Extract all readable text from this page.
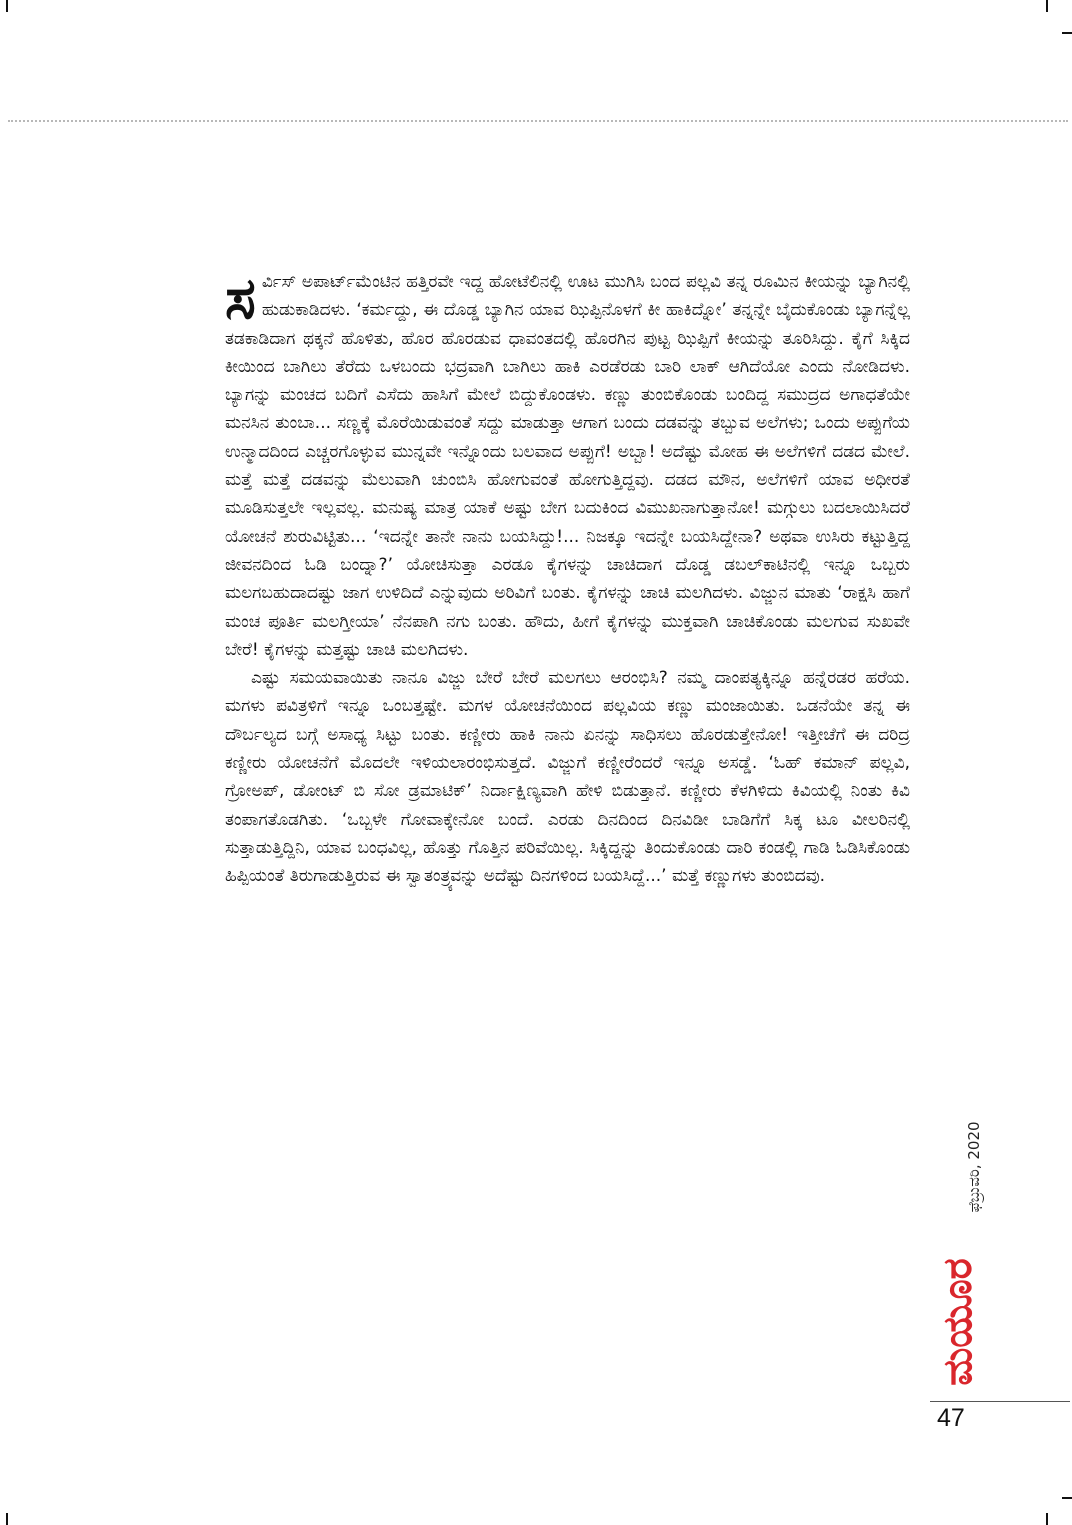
ಸರ್ವಿಸ್ ಅಪಾರ್ಟ್‌ಮೆಂಟಿನ ಹತ್ತಿರವೇ ಇದ್ದ ಹೋಟೆಲಿನಲ್ಲಿ ಊಟ ಮುಗಿಸಿ ಬಂದ ಪಲ್ಲವಿ ತನ್ನ ರೂಮಿನ ಕೀಯನ್ನು ಬ್ಯಾಗಿನಲ್ಲಿ ಹುಡುಕಾಡಿದಳು. ‘ಕರ್ಮದ್ದು, ಈ ದೊಡ್ಡ ಬ್ಯಾಗಿನ ಯಾವ ಝಿಪ್ಪಿನೊಳಗೆ ಕೀ ಹಾಕಿದ್ನೋ’ ತನ್ನನ್ನೇ ಬೈದುಕೊಂಡು ಬ್ಯಾಗನ್ನೆಲ್ಲ ತಡಕಾಡಿದಾಗ ಥಕ್ಕನೆ ಹೊಳಿತು, ಹೊರ ಹೊರಡುವ ಧಾವಂತದಲ್ಲಿ ಹೊರಗಿನ ಪುಟ್ಟ ಝಿಪ್ಪಿಗೆ ಕೀಯನ್ನು ತೂರಿಸಿದ್ದು. ಕೈಗೆ ಸಿಕ್ಕಿದ ಕೀಯಿಂದ ಬಾಗಿಲು ತೆರೆದು ಒಳಬಂದು ಭದ್ರವಾಗಿ ಬಾಗಿಲು ಹಾಕಿ ಎರಡೆರಡು ಬಾರಿ ಲಾಕ್ ಆಗಿದೆಯೋ ಎಂದು ನೋಡಿದಳು. ಬ್ಯಾಗನ್ನು ಮಂಚದ ಬದಿಗೆ ಎಸೆದು ಹಾಸಿಗೆ ಮೇಲೆ ಬಿದ್ದುಕೊಂಡಳು. ಕಣ್ಣು ತುಂಬಿಕೊಂಡು ಬಂದಿದ್ದ ಸಮುದ್ರದ ಅಗಾಧತೆಯೇ ಮನಸಿನ ತುಂಬಾ... ಸಣ್ಣಕ್ಕೆ ಮೊರೆಯಿಡುವಂತೆ ಸದ್ದು ಮಾಡುತ್ತಾ ಆಗಾಗ ಬಂದು ದಡವನ್ನು ತಬ್ಬುವ ಅಲೆಗಳು; ಒಂದು ಅಪ್ಪುಗೆಯ ಉನ್ಮಾದದಿಂದ ಎಚ್ಚರಗೊಳ್ಳುವ ಮುನ್ನವೇ ಇನ್ನೊಂದು ಬಲವಾದ ಅಪ್ಪುಗೆ! ಅಬ್ಬಾ! ಅದೆಷ್ಟು ಮೋಹ ಈ ಅಲೆಗಳಿಗೆ ದಡದ ಮೇಲೆ. ಮತ್ತೆ ಮತ್ತೆ ದಡವನ್ನು ಮೆಲುವಾಗಿ ಚುಂಬಿಸಿ ಹೋಗುವಂತೆ ಹೋಗುತ್ತಿದ್ದವು. ದಡದ ಮೌನ, ಅಲೆಗಳಿಗೆ ಯಾವ ಅಧೀರತೆ ಮೂಡಿಸುತ್ತಲೇ ಇಲ್ಲವಲ್ಲ. ಮನುಷ್ಯ ಮಾತ್ರ ಯಾಕೆ ಅಷ್ಟು ಬೇಗ ಬದುಕಿಂದ ವಿಮುಖನಾಗುತ್ತಾನೋ! ಮಗ್ಗುಲು ಬದಲಾಯಿಸಿದರೆ ಯೋಚನೆ ಶುರುವಿಟ್ಟಿತು... ‘ಇದನ್ನೇ ತಾನೇ ನಾನು ಬಯಸಿದ್ದು!... ನಿಜಕ್ಕೂ ಇದನ್ನೇ ಬಯಸಿದ್ದೇನಾ? ಅಥವಾ ಉಸಿರು ಕಟ್ಟುತ್ತಿದ್ದ ಜೀವನದಿಂದ ಓಡಿ ಬಂದ್ನಾ?’ ಯೋಚಿಸುತ್ತಾ ಎರಡೂ ಕೈಗಳನ್ನು ಚಾಚಿದಾಗ ದೊಡ್ಡ ಡಬಲ್‌ಕಾಟಿನಲ್ಲಿ ಇನ್ನೂ ಒಬ್ಬರು ಮಲಗಬಹುದಾದಷ್ಟು ಜಾಗ ಉಳಿದಿದೆ ಎನ್ನುವುದು ಅರಿವಿಗೆ ಬಂತು. ಕೈಗಳನ್ನು ಚಾಚಿ ಮಲಗಿದಳು. ವಿಜ್ಜುನ ಮಾತು ‘ರಾಕ್ಷಸಿ ಹಾಗೆ ಮಂಚ ಪೂರ್ತಿ ಮಲಗ್ತೀಯಾ’ ನೆನಪಾಗಿ ನಗು ಬಂತು. ಹೌದು, ಹೀಗೆ ಕೈಗಳನ್ನು ಮುಕ್ತವಾಗಿ ಚಾಚಿಕೊಂಡು ಮಲಗುವ ಸುಖವೇ ಬೇರೆ! ಕೈಗಳನ್ನು ಮತ್ತಷ್ಟು ಚಾಚಿ ಮಲಗಿದಳು.

ಎಷ್ಟು ಸಮಯವಾಯಿತು ನಾನೂ ವಿಜ್ಜು ಬೇರೆ ಬೇರೆ ಮಲಗಲು ಆರಂಭಿಸಿ? ನಮ್ಮ ದಾಂಪತ್ಯಕ್ಕಿನ್ನೂ ಹನ್ನೆರಡರ ಹರೆಯ. ಮಗಳು ಪವಿತ್ರಳಿಗೆ ಇನ್ನೂ ಒಂಬತ್ತಷ್ಟೇ. ಮಗಳ ಯೋಚನೆಯಿಂದ ಪಲ್ಲವಿಯ ಕಣ್ಣು ಮಂಜಾಯಿತು. ಒಡನೆಯೇ ತನ್ನ ಈ ದೌರ್ಬಲ್ಯದ ಬಗ್ಗೆ ಅಸಾಧ್ಯ ಸಿಟ್ಟು ಬಂತು. ಕಣ್ಣೀರು ಹಾಕಿ ನಾನು ಏನನ್ನು ಸಾಧಿಸಲು ಹೊರಡುತ್ತೇನೋ! ಇತ್ತೀಚೆಗೆ ಈ ದರಿದ್ರ ಕಣ್ಣೀರು ಯೋಚನೆಗೆ ಮೊದಲೇ ಇಳಿಯಲಾರಂಭಿಸುತ್ತದೆ. ವಿಜ್ಜುಗೆ ಕಣ್ಣೀರೆಂದರೆ ಇನ್ನೂ ಅಸಡ್ಡೆ. ‘ಓಹ್ ಕಮಾನ್ ಪಲ್ಲವಿ, ಗ್ರೋಅಪ್, ಡೋಂಟ್ ಬಿ ಸೋ ಡ್ರಮಾಟಿಕ್’ ನಿರ್ದಾಕ್ಷಿಣ್ಯವಾಗಿ ಹೇಳಿ ಬಿಡುತ್ತಾನೆ. ಕಣ್ಣೀರು ಕೆಳಗಿಳಿದು ಕಿವಿಯಲ್ಲಿ ನಿಂತು ಕಿವಿ ತಂಪಾಗತೊಡಗಿತು. ‘ಒಬ್ಬಳೇ ಗೋವಾಕ್ಕೇನೋ ಬಂದೆ. ಎರಡು ದಿನದಿಂದ ದಿನವಿಡೀ ಬಾಡಿಗೆಗೆ ಸಿಕ್ಕ ಟೂ ವೀಲರಿನಲ್ಲಿ ಸುತ್ತಾಡುತ್ತಿದ್ದಿನಿ, ಯಾವ ಬಂಧವಿಲ್ಲ, ಹೊತ್ತು ಗೊತ್ತಿನ ಪರಿವೆಯಿಲ್ಲ. ಸಿಕ್ಕಿದ್ದನ್ನು ತಿಂದುಕೊಂಡು ದಾರಿ ಕಂಡಲ್ಲಿ ಗಾಡಿ ಓಡಿಸಿಕೊಂಡು ಹಿಪ್ಪಿಯಂತೆ ತಿರುಗಾಡುತ್ತಿರುವ ಈ ಸ್ವಾತಂತ್ರ್ಯವನ್ನು ಅದೆಷ್ಟು ದಿನಗಳಿಂದ ಬಯಸಿದ್ದೆ...’ ಮತ್ತೆ ಕಣ್ಣುಗಳು ತುಂಬಿದವು.

ಫೆಬ್ರುವರಿ, 2020
ಮಯೂರ
47
